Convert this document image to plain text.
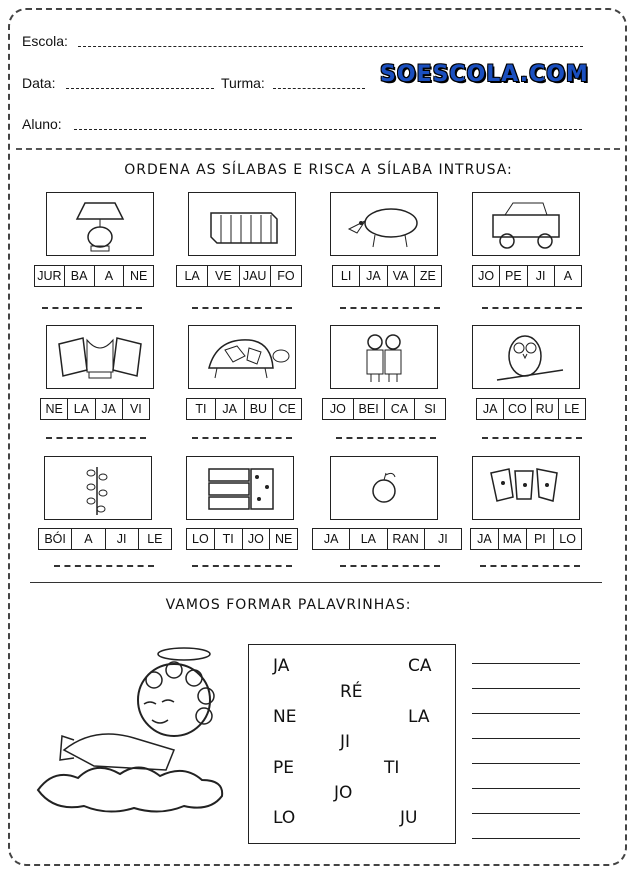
Escola:
Data:	Turma:	SOESCOLA.COM
Aluno:
ORDENA AS SÍLABAS E RISCA A SÍLABA INTRUSA:
JUR BA	A	NE	LA	VE JAU FO	LI	JA VA ZE	JO PE	JI	A
NE LA JA	VI	TI	JA	BU CE	JO	BEI CA	SI	JA CO RU LE
BÓI	A	JI	LE	LO	TI	JO NE	JA	LA	RAN	JI	JA MA PI	LO
VAMOS FORMAR PALAVRINHAS:
JA	CA
RÉ
NE	LA
JI
PE	TI
JO
LO	JU
